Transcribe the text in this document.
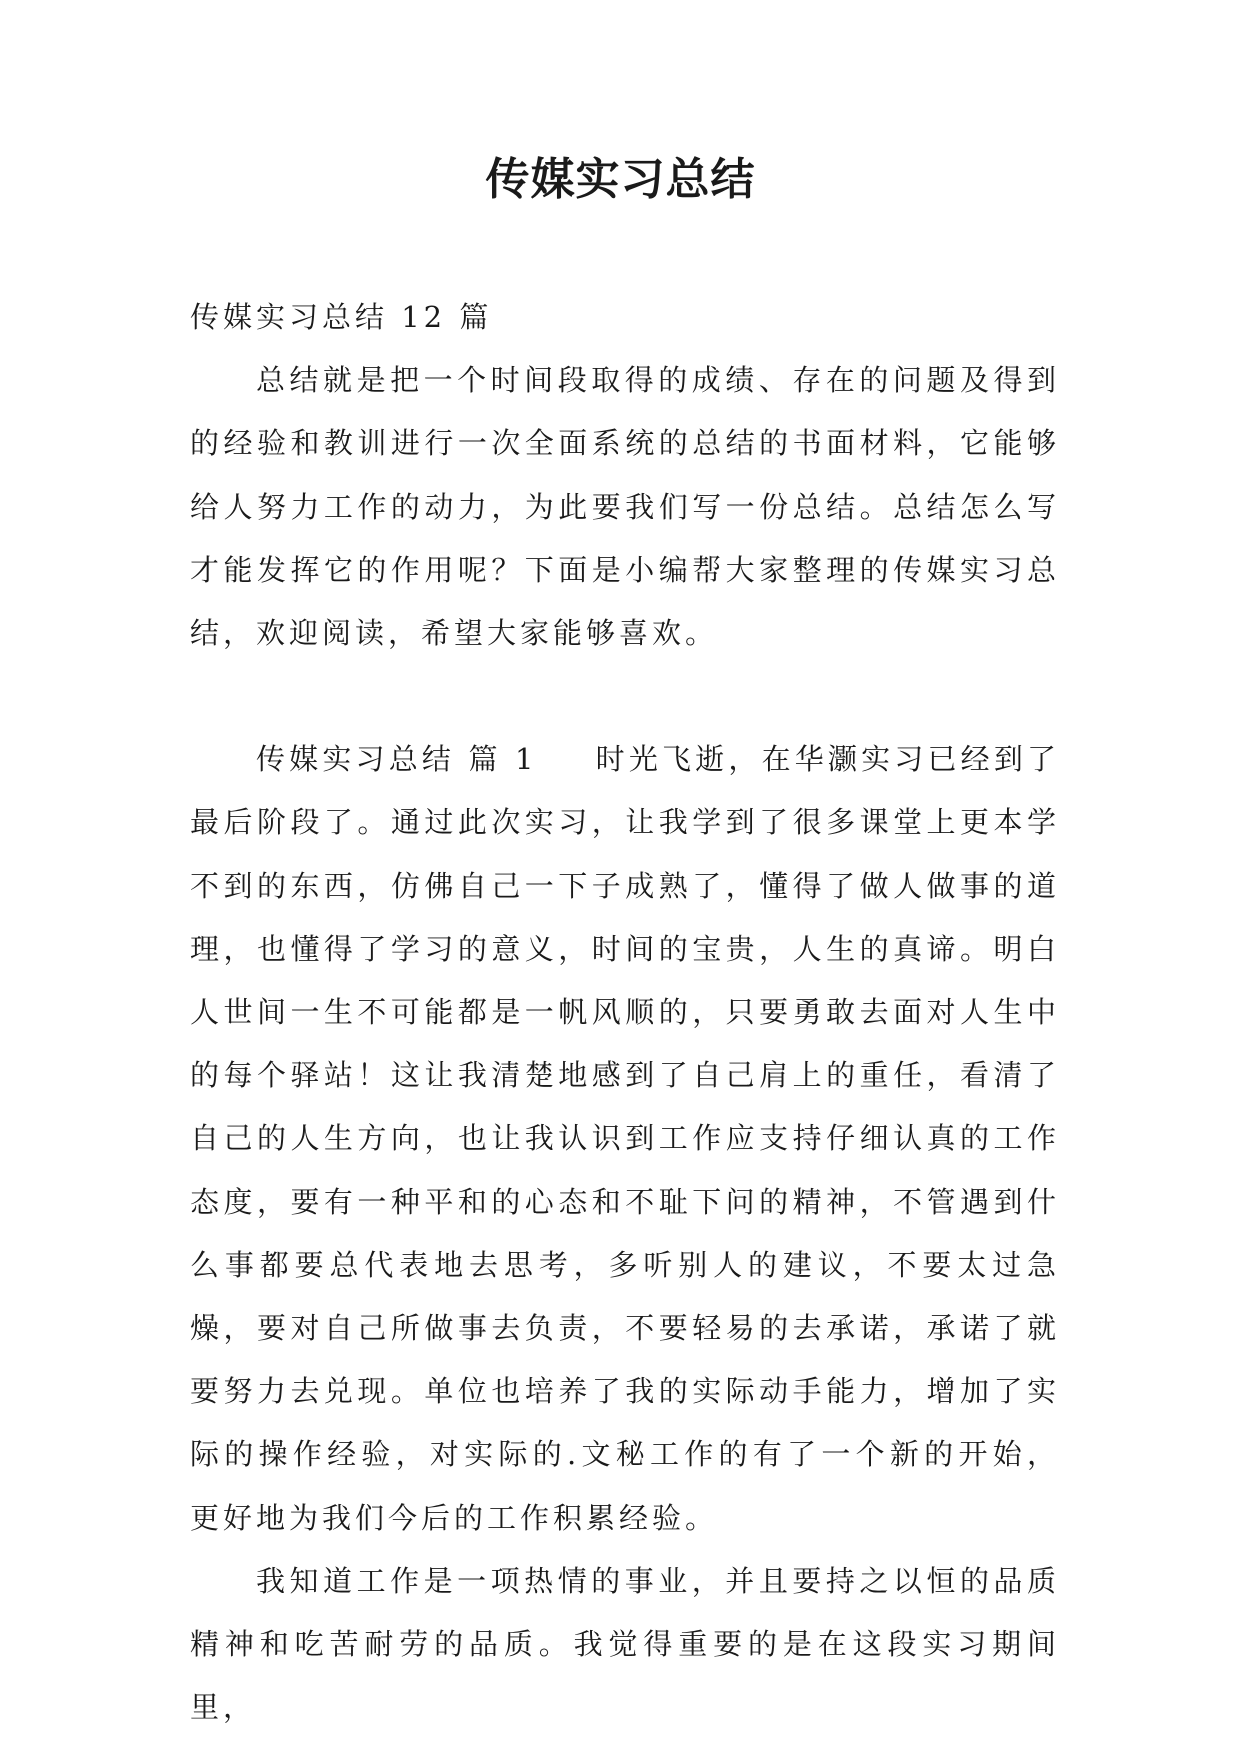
传媒实习总结

传媒实习总结 12 篇

总结就是把一个时间段取得的成绩、存在的问题及得到的经验和教训进行一次全面系统的总结的书面材料，它能够给人努力工作的动力，为此要我们写一份总结。总结怎么写才能发挥它的作用呢？下面是小编帮大家整理的传媒实习总结，欢迎阅读，希望大家能够喜欢。

传媒实习总结 篇 1 时光飞逝，在华灏实习已经到了最后阶段了。通过此次实习，让我学到了很多课堂上更本学不到的东西，仿佛自己一下子成熟了，懂得了做人做事的道理，也懂得了学习的意义，时间的宝贵，人生的真谛。明白人世间一生不可能都是一帆风顺的，只要勇敢去面对人生中的每个驿站！这让我清楚地感到了自己肩上的重任，看清了自己的人生方向，也让我认识到工作应支持仔细认真的工作态度，要有一种平和的心态和不耻下问的精神，不管遇到什么事都要总代表地去思考，多听别人的建议，不要太过急燥，要对自己所做事去负责，不要轻易的去承诺，承诺了就要努力去兑现。单位也培养了我的实际动手能力，增加了实际的操作经验，对实际的.文秘工作的有了一个新的开始，更好地为我们今后的工作积累经验。

我知道工作是一项热情的事业，并且要持之以恒的品质精神和吃苦耐劳的品质。我觉得重要的是在这段实习期间里，
